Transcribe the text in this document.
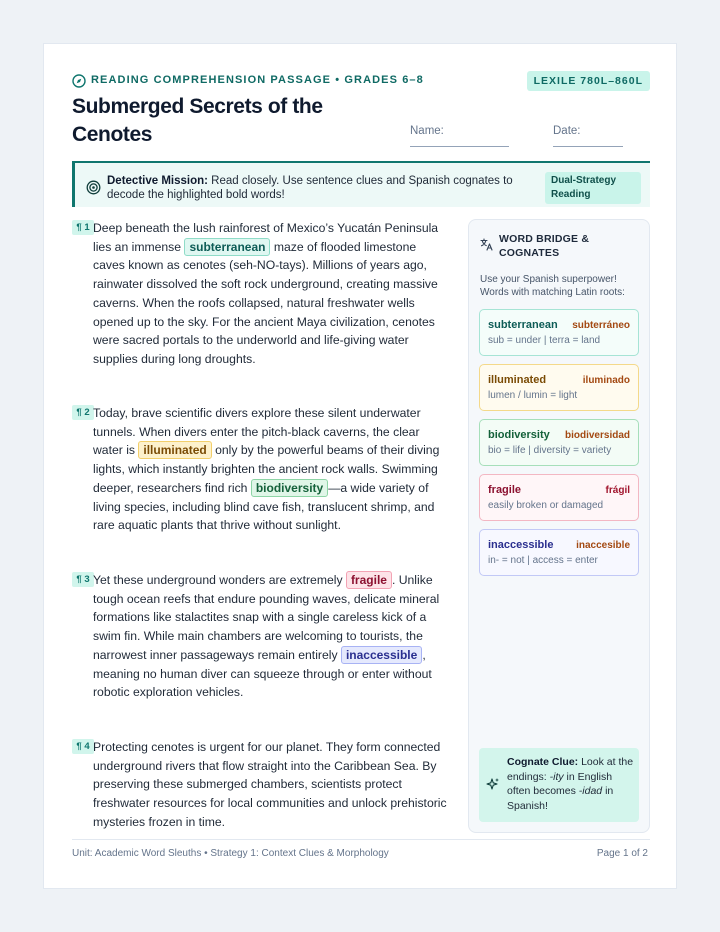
READING COMPREHENSION PASSAGE • GRADES 6–8	LEXILE 780L–860L
Submerged Secrets of the Cenotes	Name:	Date:
Detective Mission: Read closely. Use sentence clues and Spanish cognates to decode the highlighted bold words!
Dual-Strategy Reading
¶ 1 Deep beneath the lush rainforest of Mexico’s Yucatán Peninsula lies an immense subterranean maze of flooded limestone caves known as cenotes (seh-NO-tays). Millions of years ago, rainwater dissolved the soft rock underground, creating massive caverns. When the roofs collapsed, natural freshwater wells opened up to the sky. For the ancient Maya civilization, cenotes were sacred portals to the underworld and life-giving water supplies during long droughts.

¶ 2 Today, brave scientific divers explore these silent underwater tunnels. When divers enter the pitch-black caverns, the clear water is illuminated only by the powerful beams of their diving lights, which instantly brighten the ancient rock walls. Swimming deeper, researchers find rich biodiversity —a wide variety of living species, including blind cave fish, translucent shrimp, and rare aquatic plants that thrive without sunlight.

¶ 3 Yet these underground wonders are extremely fragile . Unlike tough ocean reefs that endure pounding waves, delicate mineral formations like stalactites snap with a single careless kick of a swim fin. While main chambers are welcoming to tourists, the narrowest inner passageways remain entirely inaccessible , meaning no human diver can squeeze through or enter without robotic exploration vehicles.

¶ 4 Protecting cenotes is urgent for our planet. They form connected underground rivers that flow straight into the Caribbean Sea. By preserving these submerged chambers, scientists protect freshwater resources for local communities and unlock prehistoric mysteries frozen in time.

WORD BRIDGE & COGNATES
Use your Spanish superpower! Words with matching Latin roots:
subterranean subterráneo
sub = under | terra = land
illuminated	iluminado
lumen / lumin = light
biodiversity biodiversidad
bio = life | diversity = variety
fragile	frágil
easily broken or damaged
inaccessible inaccesible
in- = not | access = enter
Cognate Clue: Look at the endings: -ity in English often becomes -idad in Spanish!
Unit: Academic Word Sleuths • Strategy 1: Context Clues & Morphology	Page 1 of 2
